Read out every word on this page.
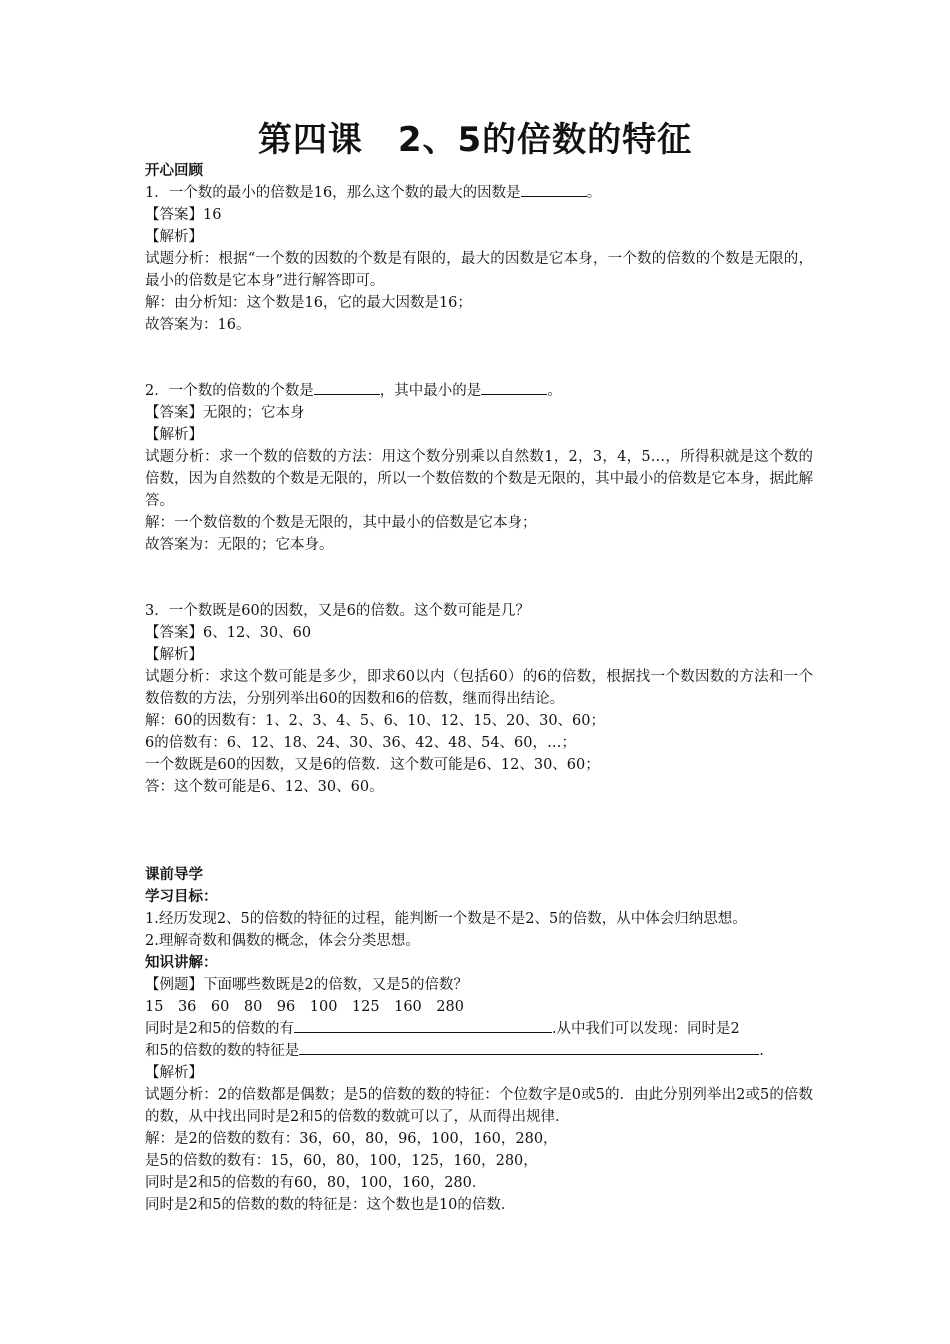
第四课　2、5的倍数的特征
开心回顾
1．一个数的最小的倍数是16，那么这个数的最大的因数是	。
【答案】16
【解析】
试题分析：根据“一个数的因数的个数是有限的，最大的因数是它本身，一个数的倍数的个数是无限的，最小的倍数是它本身”进行解答即可。
解：由分析知：这个数是16，它的最大因数是16；
故答案为：16。
2．一个数的倍数的个数是	，其中最小的是	。
【答案】无限的；它本身
【解析】
试题分析：求一个数的倍数的方法：用这个数分别乘以自然数1，2，3，4，5…，所得积就是这个数的倍数，因为自然数的个数是无限的，所以一个数倍数的个数是无限的，其中最小的倍数是它本身，据此解答。
解：一个数倍数的个数是无限的，其中最小的倍数是它本身；
故答案为：无限的；它本身。
3．一个数既是60的因数，又是6的倍数。这个数可能是几？
【答案】6、12、30、60
【解析】
试题分析：求这个数可能是多少，即求60以内（包括60）的6的倍数，根据找一个数因数的方法和一个数倍数的方法，分别列举出60的因数和6的倍数，继而得出结论。
解：60的因数有：1、2、3、4、5、6、10、12、15、20、30、60；
6的倍数有：6、12、18、24、30、36、42、48、54、60，…；
一个数既是60的因数，又是6的倍数．这个数可能是6、12、30、60；
答：这个数可能是6、12、30、60。
课前导学
学习目标：
1.经历发现2、5的倍数的特征的过程，能判断一个数是不是2、5的倍数，从中体会归纳思想。
2.理解奇数和偶数的概念，体会分类思想。
知识讲解：
【例题】下面哪些数既是2的倍数，又是5的倍数？
15　36　60　80　96　100　125　160　280
同时是2和5的倍数的有	.从中我们可以发现：同时是2
和5的倍数的数的特征是	.
【解析】
试题分析：2的倍数都是偶数；是5的倍数的数的特征：个位数字是0或5的．由此分别列举出2或5的倍数的数，从中找出同时是2和5的倍数的数就可以了，从而得出规律．
解：是2的倍数的数有：36，60，80，96，100，160，280，
是5的倍数的数有：15，60，80，100，125，160，280，
同时是2和5的倍数的有60，80，100，160，280．
同时是2和5的倍数的数的特征是：这个数也是10的倍数．
